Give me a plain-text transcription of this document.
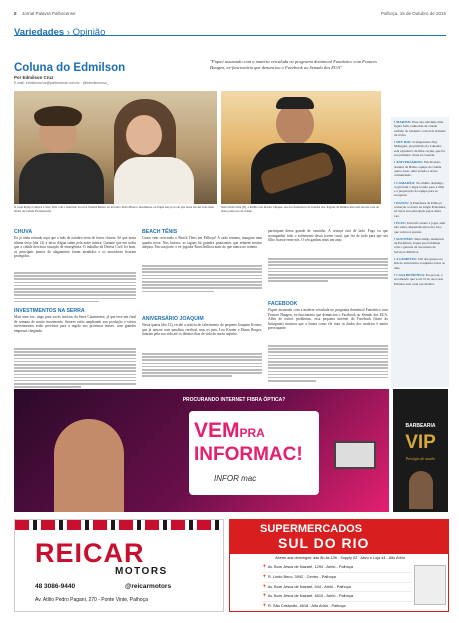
8 Jornal Palavra Palhocense	Palhoça, 15 de Outubro de 2015
Variedades › Opinião
Coluna do Edmilson
Por Edmilson Cruz
E-mail: edmilsoncruz@palhocense.com.br · @edmilsoncruz_
"Fiquei assustado com a matéria veiculada no programa dominical Fantástico com Frances Haugen, ex-funcionária que denunciou o Facebook ao Senado dos EUA"
O casal Ryngo Campos e Sara, feliz com o resultado da nova Vendita Batera, no Parceiro Pedra Branca. Realmente, eu fiquei sua prova de que brasa em dei bons mais lindos da Cidade Florianópolis.
Netta Netta Neia (N), a Ramiro me mostra Chiquer, seu dos fundadores da Gaúcha aba. Pagode de últimos nível em seu das cara do mais poderosos da cidade
CHUVA
Eu já tinha retirado aqui que o mês de outubro seria de fortes chuvas. Só que nesta última terça (dia 12) a faixa d'água subiu pela noite inteira. Garante que em todos que a cidade decretou situação de emergência. O trabalho da Defesa Civil foi bom, os principais pontos de alagamento foram atendidos e os moradores ficaram protegidos.
INVESTIMENTOS NA SERRA
Mais uma vez, trago para vocês notícias da Serra Catarinense, já que teve um final de semana de muito movimento. Setores estão ampliando sua produção e vários investimentos estão previstos para a região nos próximos meses, com grandes empresas chegando.
BEACH TÊNIS
Como vem crescendo o Beach Tênis em Palhoça! A cada semana, inaugura uma quadra nova. Nos bairros, as lagoas há grandes praticantes que reúnem muitos adeptos. Em sua parte, o ex-jogador Rossi brilhou mais do que nunca no torneio.
ANIVERSÁRIO JOAQUIM
Nesta quarta (dia 13), recebi a notícia do falecimento do pequeno Joaquim Kroner, que já nasceu com paralisia cerebral, mas os pais, Leo Kroner e Diana Borges, lutaram pela sua vida até os últimos dias de vida do nosso anjinho.
participam dessa grande de caminho. A criança está de lado. Fogo eu que acompanhei todo o sofrimento dessa jovem casal, que fez de tudo para que seu filho ficasse entre nós. O céu ganhou mais um anjo.
FACEBOOK
Fiquei assustado com a matéria veiculada no programa dominical Fantástico com Frances Haugen, ex-funcionária que denunciou o Facebook ao Senado dos EUA. Além de outros problemas, essa pequena internet do Facebook (dono do Instagram) mostrou que a forma como ele trata os dados dos usuários é muito preocupante.
▪ MARTIN: Esse ano adivinhe uma figura bem conhecida da cidade ceifado do banheiro com dois homens de trafto.
▪ NEY RIO: O empresário Ney Maluguel, proprietário do Lukador, está expulsivo da filha caçula, que foi seu primeiro chute no Guarda.
▪ ANIVERSÁRIOS: Em inverno-atanhar da Balha, equipe da cidade quero assar, uma verada a nossa comunidade.
▪ CAMARÃO: No último domingo, cogiravam o lugar bonito para a tilha e a preparação da equipe para se recuperar.
▪ DANOS: A Prefeitura de Palhoça começou a reaver na Julgie Prefeitura, na Serra nos principais jogos desta vez.
▪ ELES: Tem um casado a jogar, sem não saber, impariam um noivo faro que vem nos prestar.
▪ SOUTIMO: Meu amigo Anderson da Prefeitura, liquei que trabalhou com o gerente de Secretaria de Serviços Públicos.
▪ A GEMPTUS: Um dos grupos no fim de aniversário-conquista todos os dias.
▪ CASA BEÜDINNA: Eu provei, e recomendo que você vá lá, sua Casa Pizzaria está cada vez melhor.
PROCURANDO INTERNET FIBRA ÓPTICA?
VEMPRA
INFORMAC!
INFOR mac
BARBEARIA
VIP
Prestígio de macho
REICAR
MOTORS
48 3086-9440	@reicarmotors
Av. Atílio Pedro Pagani, 270 - Ponte Vinte, Palhoça
SUPERMERCADOS
SUL DO RIO
Aberto aos domingos: das 8h às 13h - Supply 02 · Ativo e Loja 44 - Alto Aririú
📍 Av. Bom Jesus de Nazaré, 1294 - Aririú - Palhoça
📍 R. Lindo Beco, 3092 - Centro - Palhoça
📍 Av. Bom Jesus de Nazaré, 444 - Aririú - Palhoça
📍 Av. Bom Jesus de Nazaré, 4610 - Aririú - Palhoça
📍 R. São Cristóvão, 4618 - Alto Aririú - Palhoça
